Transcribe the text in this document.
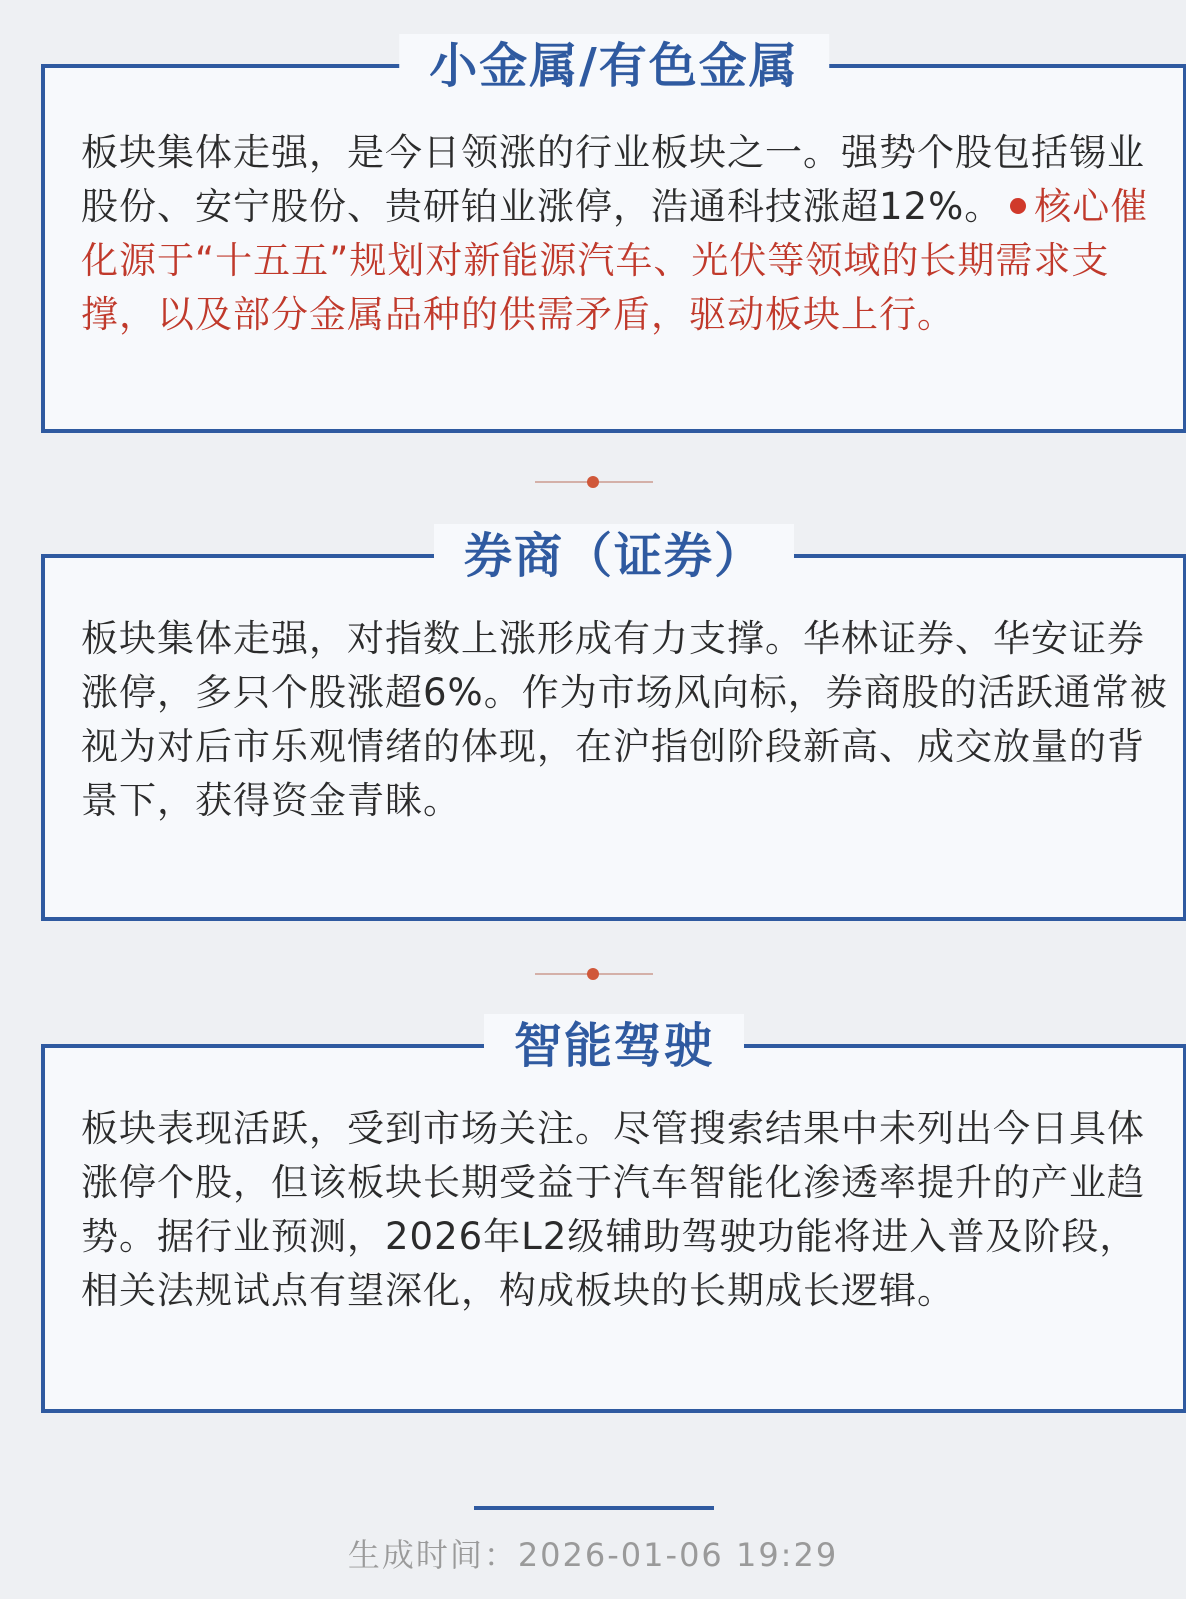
小金属/有色金属
板块集体走强，是今日领涨的行业板块之一。强势个股包括锡业股份、安宁股份、贵研铂业涨停，浩通科技涨超12%。 核心催化源于“十五五”规划对新能源汽车、光伏等领域的长期需求支撑，以及部分金属品种的供需矛盾，驱动板块上行。
券商（证券）
板块集体走强，对指数上涨形成有力支撑。华林证券、华安证券涨停，多只个股涨超6%。作为市场风向标，券商股的活跃通常被视为对后市乐观情绪的体现，在沪指创阶段新高、成交放量的背景下，获得资金青睐。
智能驾驶
板块表现活跃，受到市场关注。尽管搜索结果中未列出今日具体涨停个股，但该板块长期受益于汽车智能化渗透率提升的产业趋势。据行业预测，2026年L2级辅助驾驶功能将进入普及阶段，相关法规试点有望深化，构成板块的长期成长逻辑。
生成时间：2026-01-06 19:29
